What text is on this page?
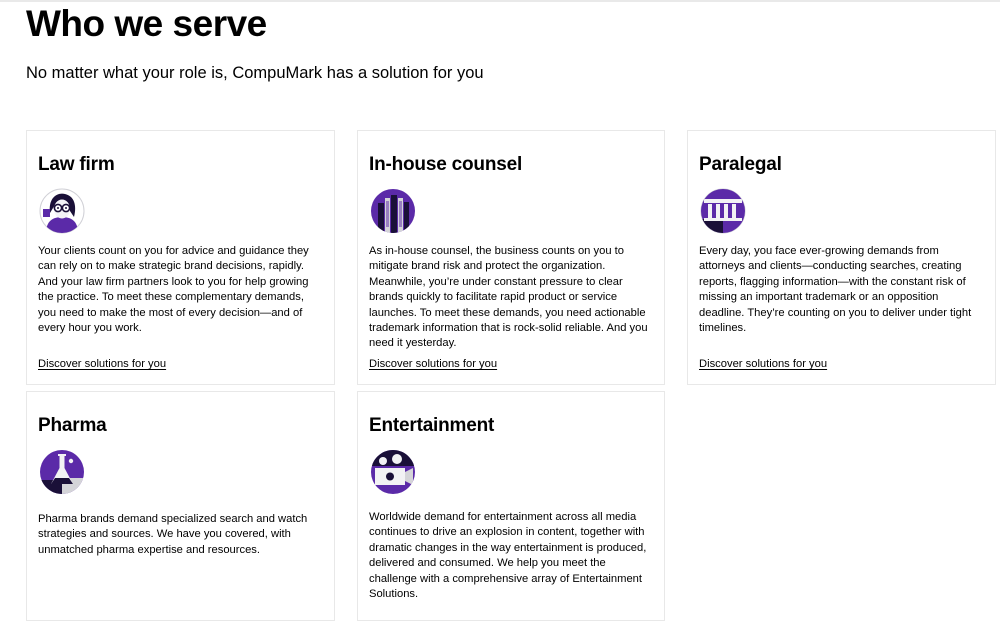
Who we serve

No matter what your role is, CompuMark has a solution for you

Law firm

Your clients count on you for advice and guidance they can rely on to make strategic brand decisions, rapidly. And your law firm partners look to you for help growing the practice. To meet these complementary demands, you need to make the most of every decision—and of every hour you work.

Discover solutions for you
In-house counsel

As in-house counsel, the business counts on you to mitigate brand risk and protect the organization. Meanwhile, you’re under constant pressure to clear brands quickly to facilitate rapid product or service launches. To meet these demands, you need actionable trademark information that is rock-solid reliable. And you need it yesterday.

Discover solutions for you
Paralegal

Every day, you face ever-growing demands from attorneys and clients—conducting searches, creating reports, flagging information—with the constant risk of missing an important trademark or an opposition deadline. They’re counting on you to deliver under tight timelines.

Discover solutions for you
Pharma

Pharma brands demand specialized search and watch strategies and sources. We have you covered, with unmatched pharma expertise and resources.

Entertainment

Worldwide demand for entertainment across all media continues to drive an explosion in content, together with dramatic changes in the way entertainment is produced, delivered and consumed. We help you meet the challenge with a comprehensive array of Entertainment Solutions.
